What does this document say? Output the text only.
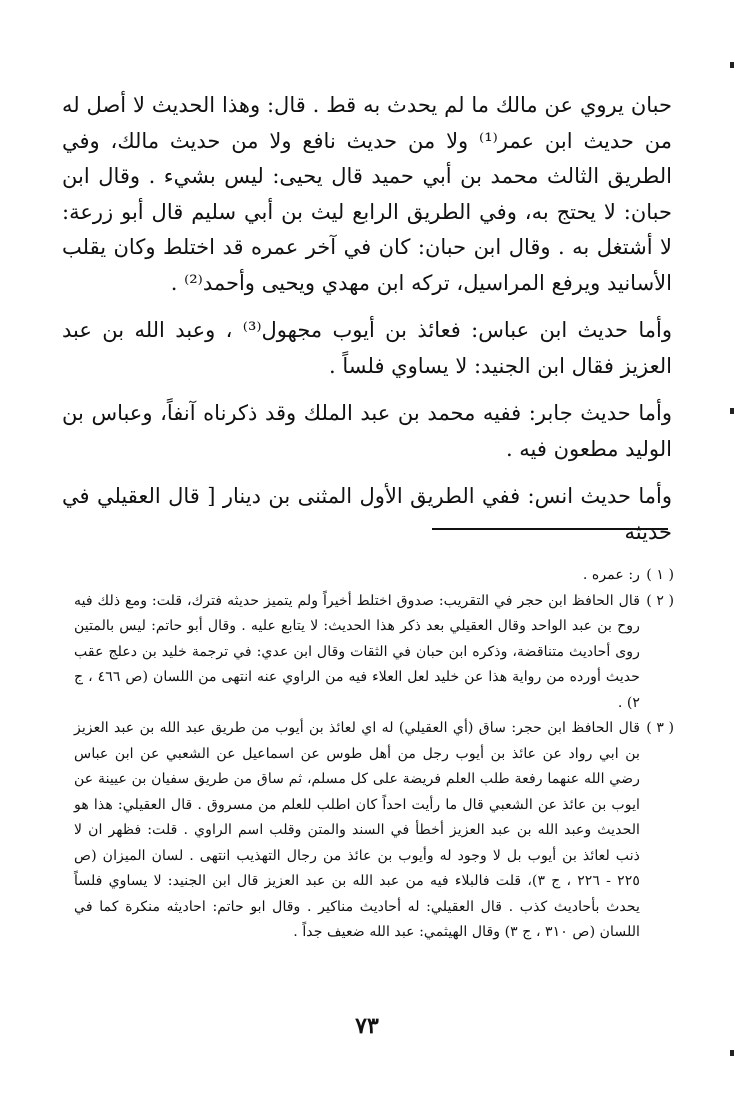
حبان يروي عن مالك ما لم يحدث به قط . قال: وهذا الحديث لا أصل له من حديث ابن عمر⁽¹⁾ ولا من حديث نافع ولا من حديث مالك، وفي الطريق الثالث محمد بن أبي حميد قال يحيى: ليس بشيء . وقال ابن حبان: لا يحتج به، وفي الطريق الرابع ليث بن أبي سليم قال أبو زرعة: لا أشتغل به . وقال ابن حبان: كان في آخر عمره قد اختلط وكان يقلب الأسانيد ويرفع المراسيل، تركه ابن مهدي ويحيى وأحمد⁽²⁾ .

وأما حديث ابن عباس: فعائذ بن أيوب مجهول⁽³⁾ ، وعبد الله بن عبد العزيز فقال ابن الجنيد: لا يساوي فلساً .

وأما حديث جابر: ففيه محمد بن عبد الملك وقد ذكرناه آنفاً، وعباس بن الوليد مطعون فيه .

وأما حديث انس: ففي الطريق الأول المثنى بن دينار [ قال العقيلي في حديثه

( ١ )
ر: عمره .

( ٢ )
قال الحافظ ابن حجر في التقريب: صدوق اختلط أخيراً ولم يتميز حديثه فترك، قلت: ومع ذلك فيه روح بن عبد الواحد وقال العقيلي بعد ذكر هذا الحديث: لا يتابع عليه . وقال أبو حاتم: ليس بالمتين روى أحاديث متناقضة، وذكره ابن حبان في الثقات وقال ابن عدي: في ترجمة خليد بن دعلج عقب حديث أورده من رواية هذا عن خليد لعل العلاء فيه من الراوي عنه انتهى من اللسان (ص ٤٦٦ ، ج ٢) .

( ٣ )
قال الحافظ ابن حجر: ساق (أي العقيلي) له اي لعائذ بن أيوب من طريق عبد الله بن عبد العزيز بن ابي رواد عن عائذ بن أيوب رجل من أهل طوس عن اسماعيل عن الشعبي عن ابن عباس رضي الله عنهما رفعة طلب العلم فريضة على كل مسلم، ثم ساق من طريق سفيان بن عيينة عن ايوب بن عائذ عن الشعبي قال ما رأيت احداً كان اطلب للعلم من مسروق . قال العقيلي: هذا هو الحديث وعبد الله بن عبد العزيز أخطأ في السند والمتن وقلب اسم الراوي . قلت: فظهر ان لا ذنب لعائذ بن أيوب بل لا وجود له وأيوب بن عائذ من رجال التهذيب انتهى . لسان الميزان (ص ٢٢٥ - ٢٢٦ ، ج ٣)، قلت فالبلاء فيه من عبد الله بن عبد العزيز قال ابن الجنيد: لا يساوي فلساً يحدث بأحاديث كذب . قال العقيلي: له أحاديث مناكير . وقال ابو حاتم: احاديثه منكرة كما في اللسان (ص ٣١٠ ، ج ٣) وقال الهيثمي: عبد الله ضعيف جداً .

٧٣
